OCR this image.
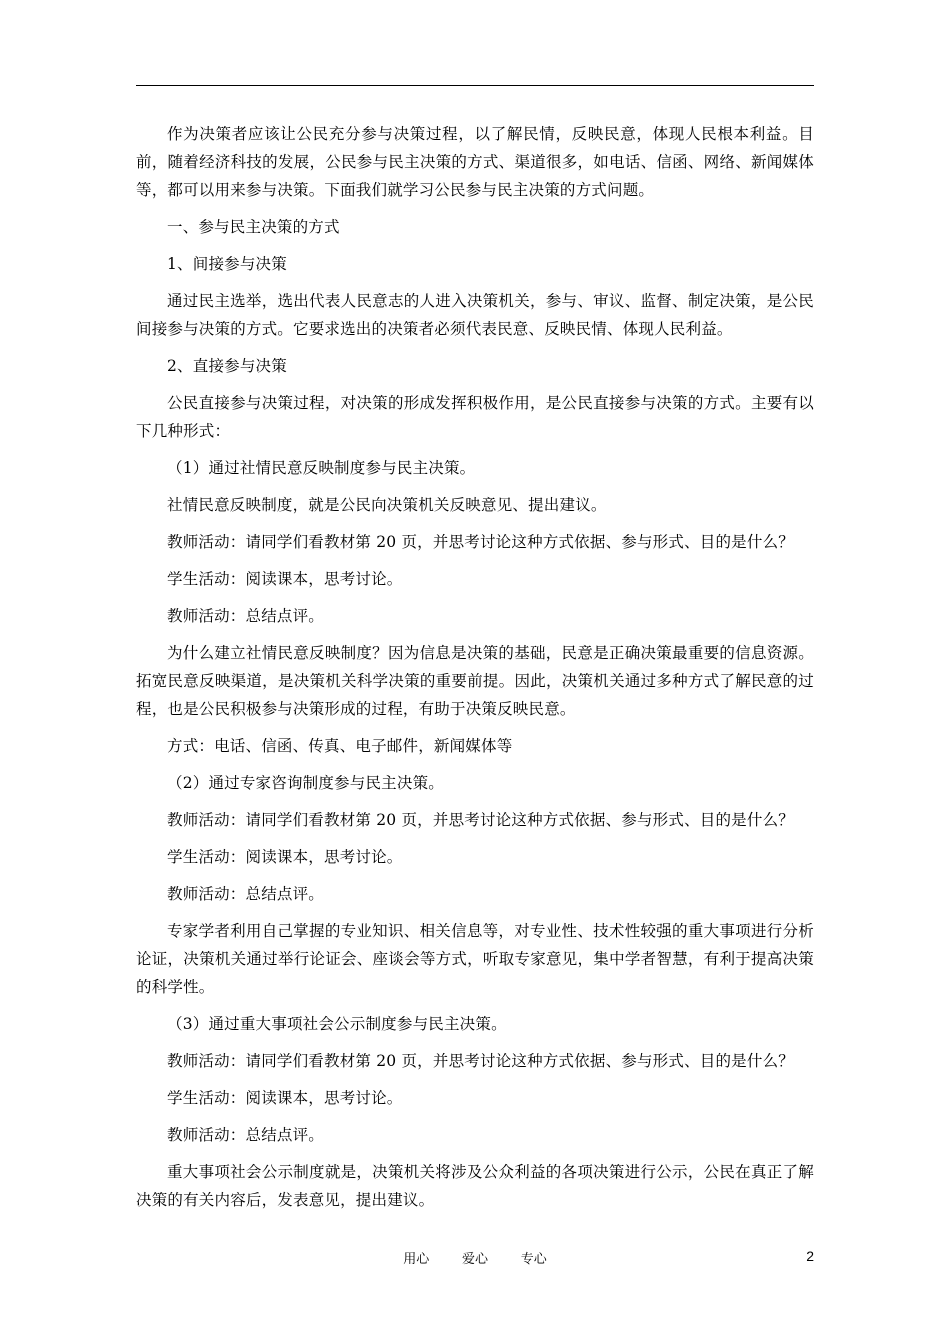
作为决策者应该让公民充分参与决策过程，以了解民情，反映民意，体现人民根本利益。目前，随着经济科技的发展，公民参与民主决策的方式、渠道很多，如电话、信函、网络、新闻媒体等，都可以用来参与决策。下面我们就学习公民参与民主决策的方式问题。

一、参与民主决策的方式

1、间接参与决策

通过民主选举，选出代表人民意志的人进入决策机关，参与、审议、监督、制定决策，是公民间接参与决策的方式。它要求选出的决策者必须代表民意、反映民情、体现人民利益。

2、直接参与决策

公民直接参与决策过程，对决策的形成发挥积极作用，是公民直接参与决策的方式。主要有以下几种形式：

（1）通过社情民意反映制度参与民主决策。

社情民意反映制度，就是公民向决策机关反映意见、提出建议。

教师活动：请同学们看教材第 20 页，并思考讨论这种方式依据、参与形式、目的是什么？

学生活动：阅读课本，思考讨论。

教师活动：总结点评。

为什么建立社情民意反映制度？因为信息是决策的基础，民意是正确决策最重要的信息资源。拓宽民意反映渠道，是决策机关科学决策的重要前提。因此，决策机关通过多种方式了解民意的过程，也是公民积极参与决策形成的过程，有助于决策反映民意。

方式：电话、信函、传真、电子邮件，新闻媒体等

（2）通过专家咨询制度参与民主决策。

教师活动：请同学们看教材第 20 页，并思考讨论这种方式依据、参与形式、目的是什么？

学生活动：阅读课本，思考讨论。

教师活动：总结点评。

专家学者利用自己掌握的专业知识、相关信息等，对专业性、技术性较强的重大事项进行分析论证，决策机关通过举行论证会、座谈会等方式，听取专家意见，集中学者智慧，有利于提高决策的科学性。

（3）通过重大事项社会公示制度参与民主决策。

教师活动：请同学们看教材第 20 页，并思考讨论这种方式依据、参与形式、目的是什么？

学生活动：阅读课本，思考讨论。

教师活动：总结点评。

重大事项社会公示制度就是，决策机关将涉及公众利益的各项决策进行公示，公民在真正了解决策的有关内容后，发表意见，提出建议。

用心 爱心 专心	2
